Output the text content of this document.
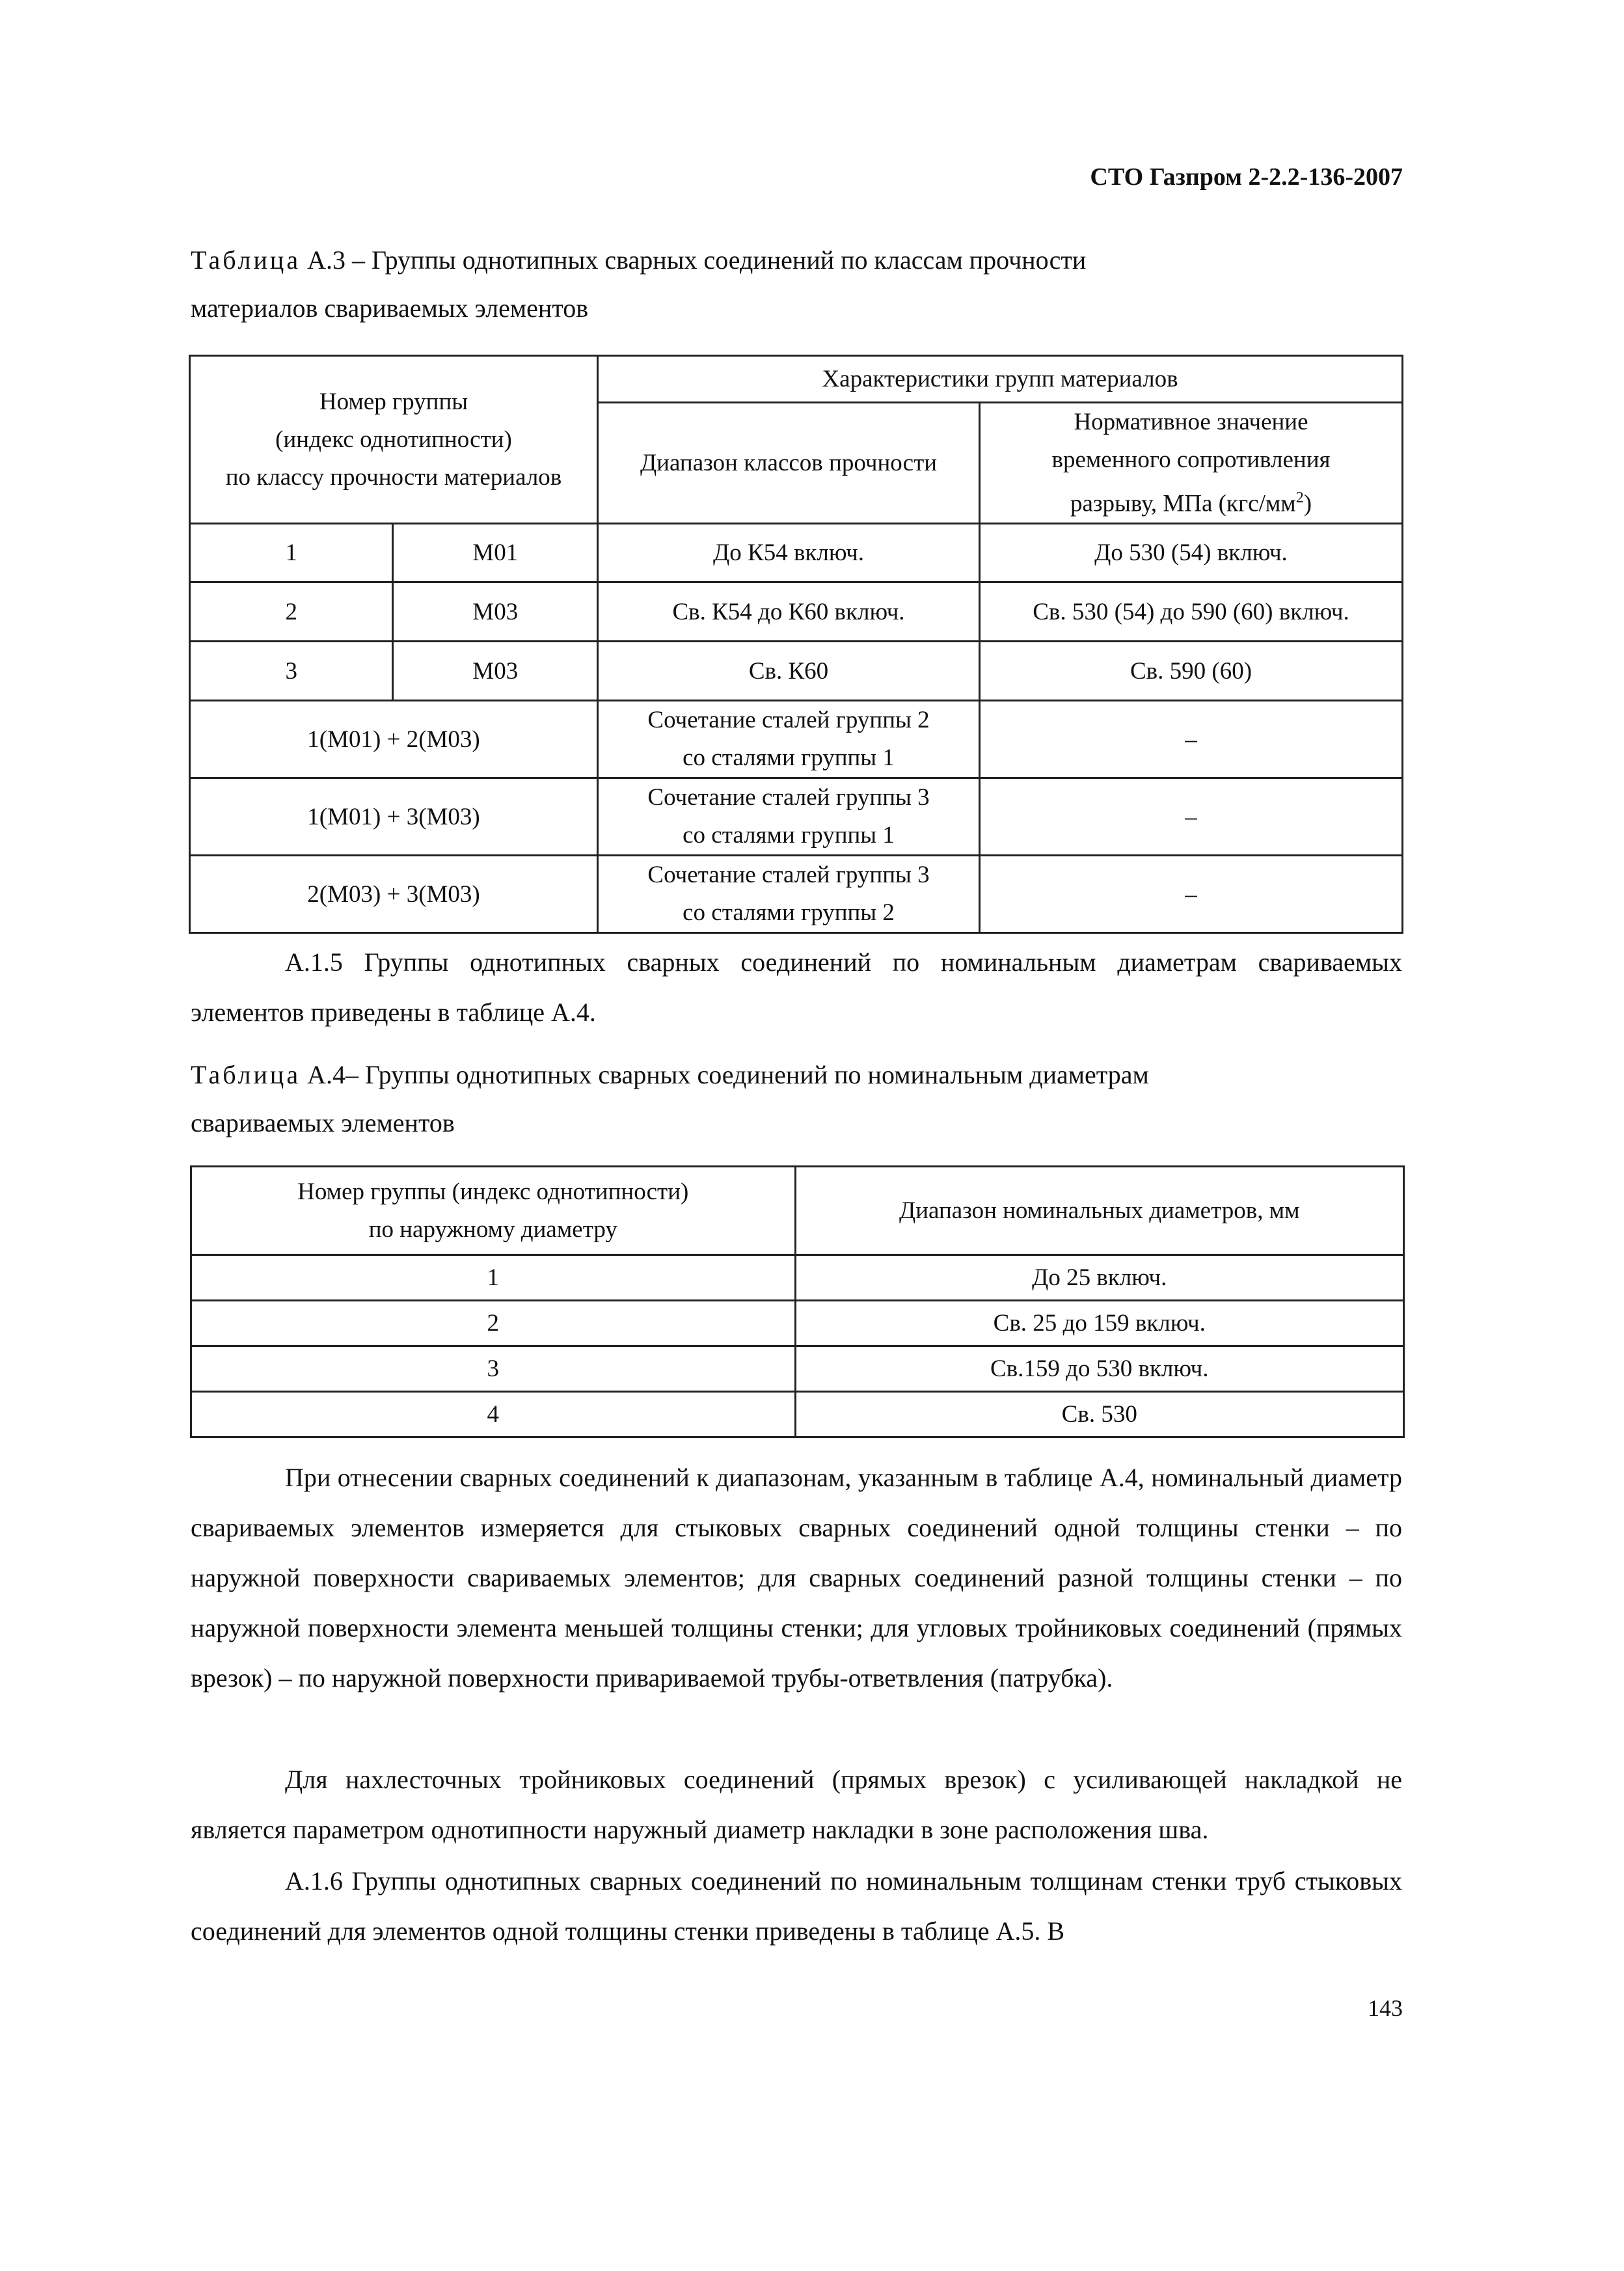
СТО Газпром 2-2.2-136-2007
Таблица А.3 – Группы однотипных сварных соединений по классам прочности
материалов свариваемых элементов
Номер группы
(индекс однотипности)
по классу прочности материалов		Характеристики групп материалов	
		Диапазон классов прочности	Нормативное значение
временного сопротивления
разрыву, МПа $(кгс/мм^2)$

1	М01	До К54 включ.	До 530 (54) включ.
2	М03	Св. К54 до К60 включ.	Св. 530 (54) до 590 (60) включ.
3	М03	Св. К60	Св. 590 (60)
1(М01) + 2(М03)		Сочетание сталей группы 2
со сталями группы 1	–
1(М01) + 3(М03)		Сочетание сталей группы 3
со сталями группы 1	–
2(М03) + 3(М03)		Сочетание сталей группы 3
со сталями группы 2	–

А.1.5 Группы однотипных сварных соединений по номинальным диаметрам свариваемых элементов приведены в таблице А.4.

Таблица А.4– Группы однотипных сварных соединений по номинальным диаметрам
свариваемых элементов
Номер группы (индекс однотипности)
по наружному диаметру	Диапазон номинальных диаметров, мм
1	До 25 включ.
2	Св. 25 до 159 включ.
3	Св.159 до 530 включ.
4	Св. 530

При отнесении сварных соединений к диапазонам, указанным в таблице А.4, номинальный диаметр свариваемых элементов измеряется для стыковых сварных соединений одной толщины стенки – по наружной поверхности свариваемых элементов; для сварных соединений разной толщины стенки – по наружной поверхности элемента меньшей толщины стенки; для угловых тройниковых соединений (прямых врезок) – по наружной поверхности привариваемой трубы-ответвления (патрубка).

Для нахлесточных тройниковых соединений (прямых врезок) с усиливающей накладкой не является параметром однотипности наружный диаметр накладки в зоне расположения шва.

А.1.6 Группы однотипных сварных соединений по номинальным толщинам стенки труб стыковых соединений для элементов одной толщины стенки приведены в таблице А.5. В

143
